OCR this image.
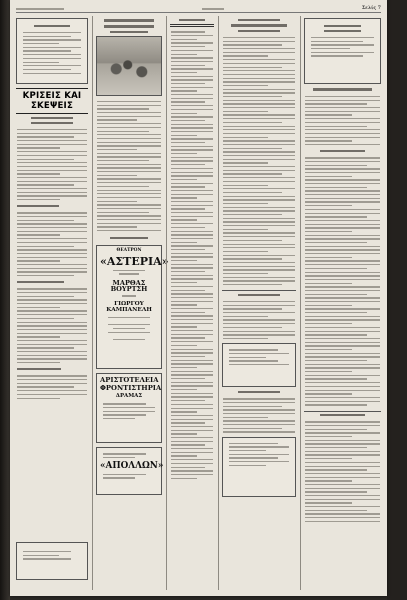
Σελίς 7
ΚΡΙΣΕΙΣ ΚΑΙ ΣΚΕΨΕΙΣ
ΘΕΑΤΡΟΝ
«ΑΣΤΕΡΙΑ»
ΜΑΡΘΑΣ ΒΟΥΡΤΣΗ
ΓΙΩΡΓΟΥ ΚΑΜΠΑΝΕΛΗ
ΑΡΙΣΤΟΤΕΛΕΙΑ
ΦΡΟΝΤΙΣΤΗΡΙΑ
ΔΡΑΜΑΣ
«ΑΠΟΛΛΩΝ»
